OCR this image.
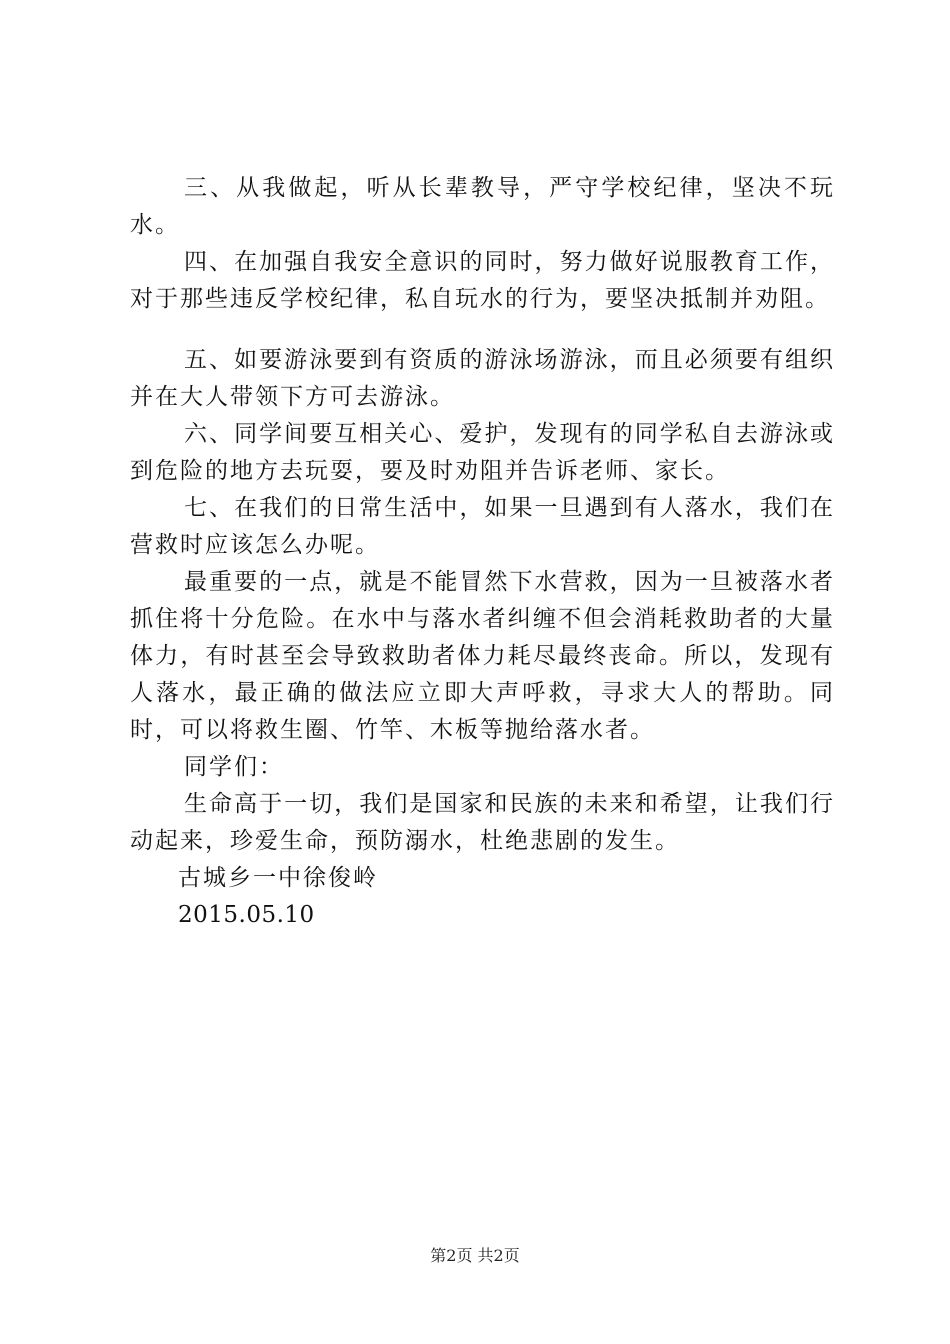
三、从我做起，听从长辈教导，严守学校纪律，坚决不玩水。

四、在加强自我安全意识的同时，努力做好说服教育工作，对于那些违反学校纪律，私自玩水的行为，要坚决抵制并劝阻。

五、如要游泳要到有资质的游泳场游泳，而且必须要有组织并在大人带领下方可去游泳。

六、同学间要互相关心、爱护，发现有的同学私自去游泳或到危险的地方去玩耍，要及时劝阻并告诉老师、家长。

七、在我们的日常生活中，如果一旦遇到有人落水，我们在营救时应该怎么办呢。

最重要的一点，就是不能冒然下水营救，因为一旦被落水者抓住将十分危险。在水中与落水者纠缠不但会消耗救助者的大量体力，有时甚至会导致救助者体力耗尽最终丧命。所以，发现有人落水，最正确的做法应立即大声呼救，寻求大人的帮助。同时，可以将救生圈、竹竿、木板等抛给落水者。

同学们：

生命高于一切，我们是国家和民族的未来和希望，让我们行动起来，珍爱生命，预防溺水，杜绝悲剧的发生。

古城乡一中徐俊岭

2015.05.10

第2页 共2页
